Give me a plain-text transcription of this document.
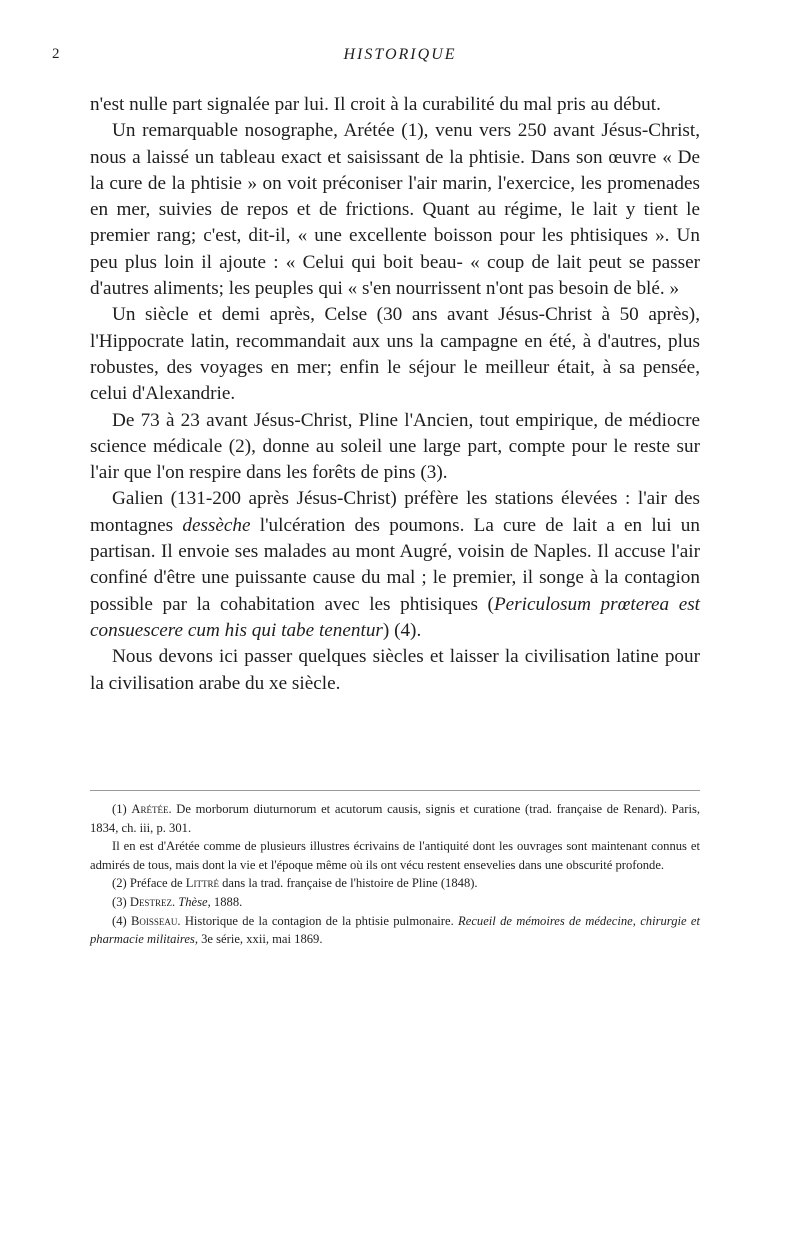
HISTORIQUE
2

n'est nulle part signalée par lui. Il croit à la curabilité du mal pris au début.

Un remarquable nosographe, Arétée (1), venu vers 250 avant Jésus-Christ, nous a laissé un tableau exact et saisissant de la phtisie. Dans son œuvre « De la cure de la phtisie » on voit préconiser l'air marin, l'exercice, les promenades en mer, suivies de repos et de frictions. Quant au régime, le lait y tient le premier rang; c'est, dit-il, « une excellente boisson pour les phtisiques ». Un peu plus loin il ajoute : « Celui qui boit beau- « coup de lait peut se passer d'autres aliments; les peuples qui « s'en nourrissent n'ont pas besoin de blé. »

Un siècle et demi après, Celse (30 ans avant Jésus-Christ à 50 après), l'Hippocrate latin, recommandait aux uns la campagne en été, à d'autres, plus robustes, des voyages en mer; enfin le séjour le meilleur était, à sa pensée, celui d'Alexandrie.

De 73 à 23 avant Jésus-Christ, Pline l'Ancien, tout empirique, de médiocre science médicale (2), donne au soleil une large part, compte pour le reste sur l'air que l'on respire dans les forêts de pins (3).

Galien (131-200 après Jésus-Christ) préfère les stations élevées : l'air des montagnes dessèche l'ulcération des poumons. La cure de lait a en lui un partisan. Il envoie ses malades au mont Augré, voisin de Naples. Il accuse l'air confiné d'être une puissante cause du mal ; le premier, il songe à la contagion possible par la cohabitation avec les phtisiques (Periculosum prœterea est consuescere cum his qui tabe tenentur) (4).

Nous devons ici passer quelques siècles et laisser la civilisation latine pour la civilisation arabe du xe siècle.

(1) Arétée. De morborum diuturnorum et acutorum causis, signis et curatione (trad. française de Renard). Paris, 1834, ch. iii, p. 301.

Il en est d'Arétée comme de plusieurs illustres écrivains de l'antiquité dont les ouvrages sont maintenant connus et admirés de tous, mais dont la vie et l'époque même où ils ont vécu restent ensevelies dans une obscurité profonde.

(2) Préface de Littré dans la trad. française de l'histoire de Pline (1848).

(3) Destrez. Thèse, 1888.

(4) Boisseau. Historique de la contagion de la phtisie pulmonaire. Recueil de mémoires de médecine, chirurgie et pharmacie militaires, 3e série, xxii, mai 1869.
